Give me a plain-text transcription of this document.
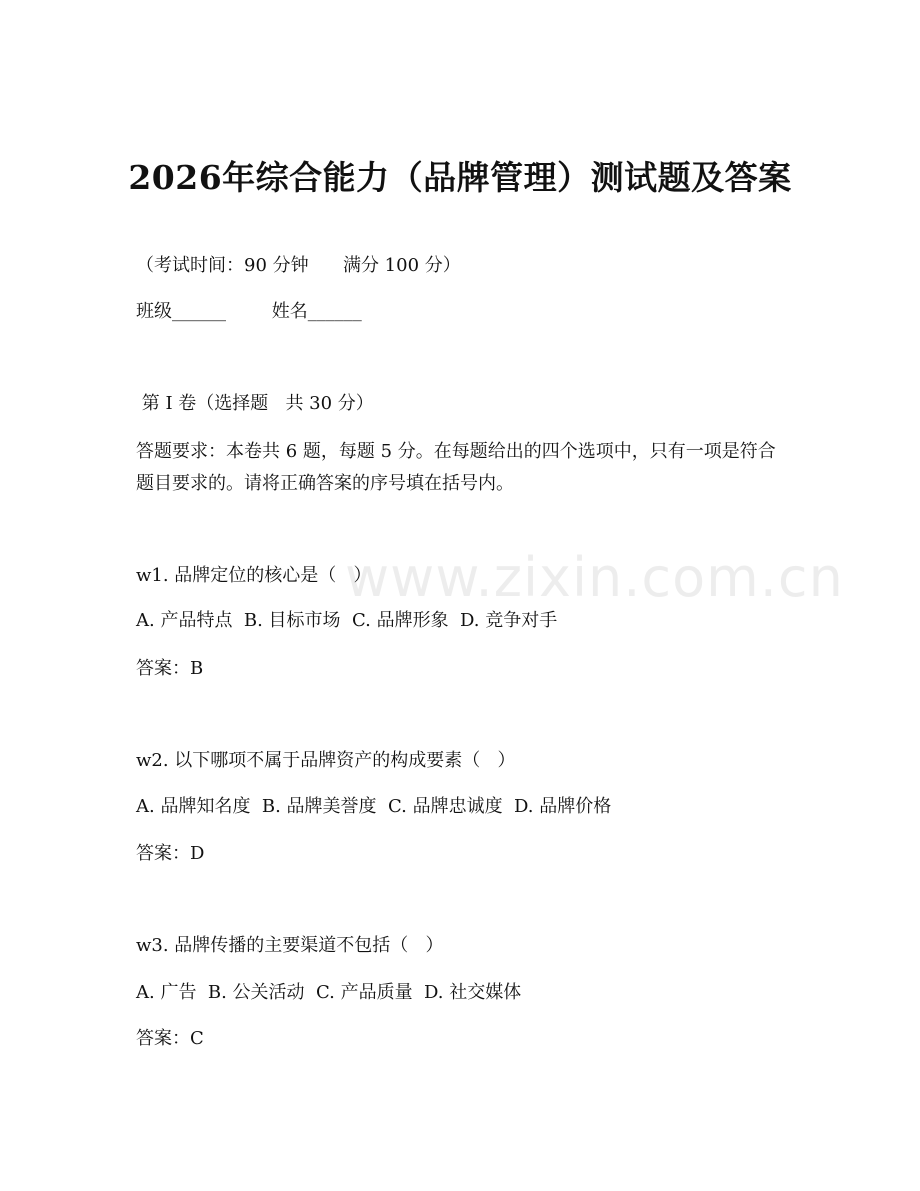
www.zixin.com.cn
2026年综合能力（品牌管理）测试题及答案

（考试时间：90 分钟      满分 100 分）

班级______        姓名______

第 I 卷（选择题   共 30 分）

答题要求：本卷共 6 题，每题 5 分。在每题给出的四个选项中，只有一项是符合题目要求的。请将正确答案的序号填在括号内。

w1. 品牌定位的核心是（   ）

A. 产品特点  B. 目标市场  C. 品牌形象  D. 竞争对手

答案：B

w2. 以下哪项不属于品牌资产的构成要素（   ）

A. 品牌知名度  B. 品牌美誉度  C. 品牌忠诚度  D. 品牌价格

答案：D

w3. 品牌传播的主要渠道不包括（   ）

A. 广告  B. 公关活动  C. 产品质量  D. 社交媒体

答案：C
